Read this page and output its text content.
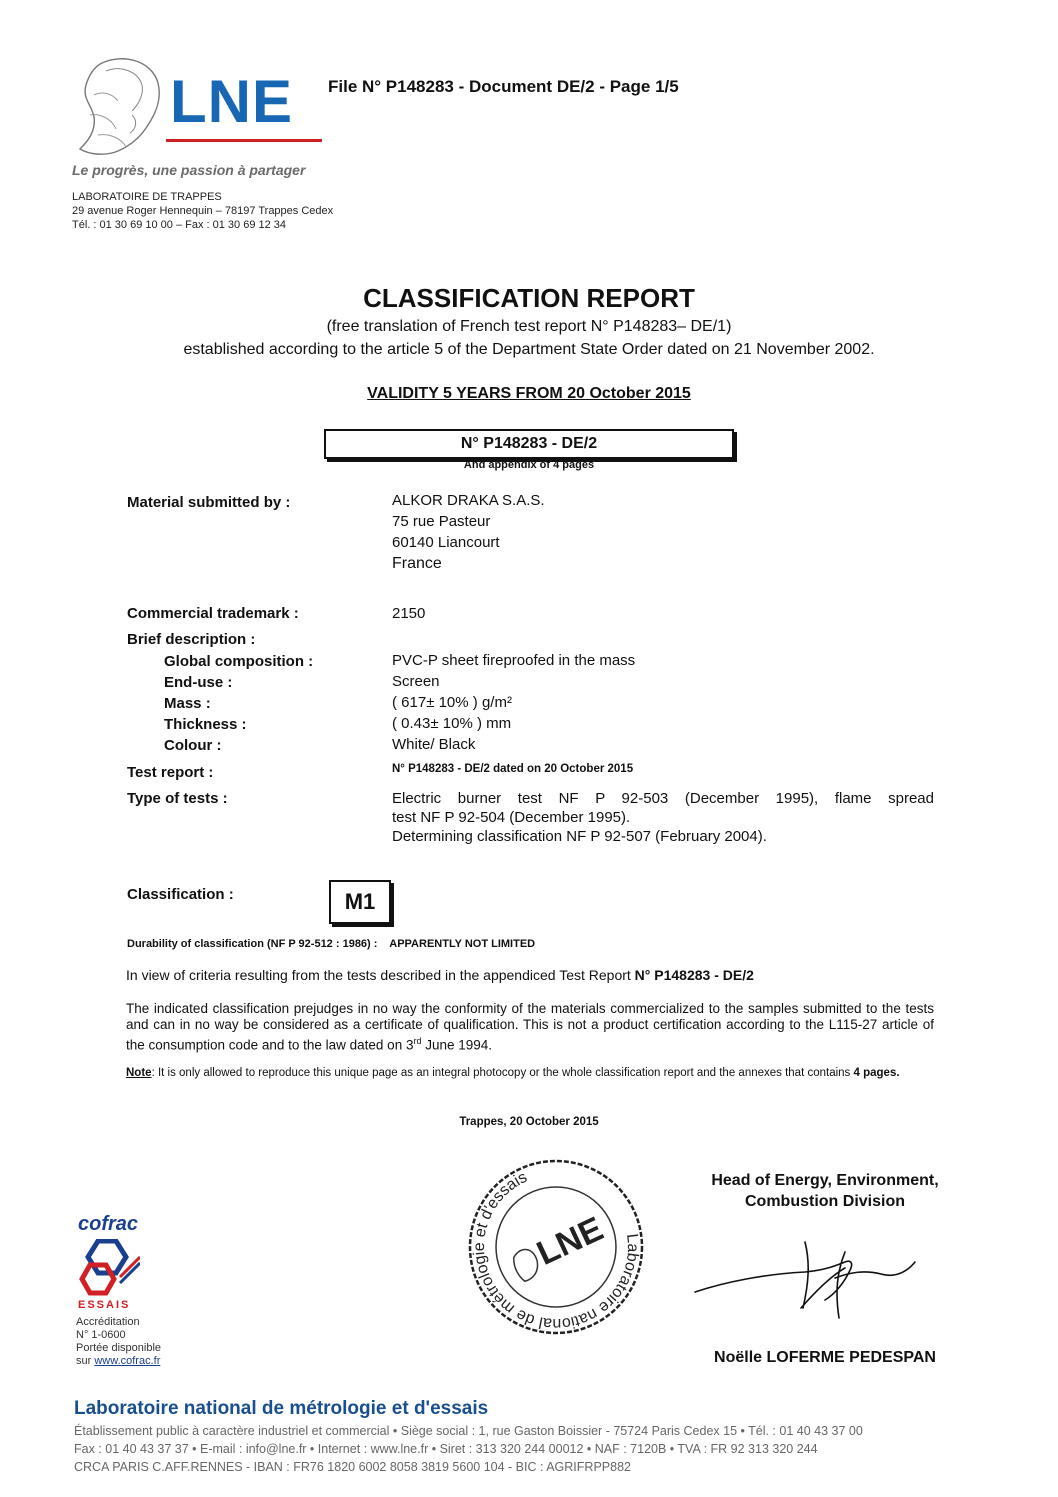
LNE File N° P148283 - Document DE/2 - Page 1/5
Le progrès, une passion à partager
LABORATOIRE DE TRAPPES
29 avenue Roger Hennequin – 78197 Trappes Cedex
Tél. : 01 30 69 10 00 – Fax : 01 30 69 12 34
CLASSIFICATION REPORT
(free translation of French test report N° P148283– DE/1)
established according to the article 5 of the Department State Order dated on 21 November 2002.
VALIDITY 5 YEARS FROM 20 October 2015
N° P148283 - DE/2
And appendix of 4 pages
Material submitted by :	ALKOR DRAKA S.A.S.
75 rue Pasteur
60140 Liancourt
France
Commercial trademark :	2150
Brief description :
Global composition :	PVC-P sheet fireproofed in the mass
End-use :	Screen
Mass :	( 617± 10% ) g/m²
Thickness :	( 0.43± 10% ) mm
Colour :	White/ Black
Test report :	N° P148283 - DE/2 dated on 20 October 2015
Type of tests :	Electric burner test NF P 92-503 (December 1995), flame spread
test NF P 92-504 (December 1995).
Determining classification NF P 92-507 (February 2004).
Classification :	M1
Durability of classification (NF P 92-512 : 1986) :    APPARENTLY NOT LIMITED
In view of criteria resulting from the tests described in the appendiced Test Report N° P148283 - DE/2
The indicated classification prejudges in no way the conformity of the materials commercialized to the samples submitted to the tests and can in no way be considered as a certificate of qualification. This is not a product certification according to the L115-27 article of the consumption code and to the law dated on 3rd June 1994.
Note: It is only allowed to reproduce this unique page as an integral photocopy or the whole classification report and the annexes that contains 4 pages.
Trappes, 20 October 2015
Laboratoire national de métrologie et d'essais
LNE
Head of Energy, Environment,
Combustion Division
Noëlle LOFERME PEDESPAN
cofrac
ESSAIS
Accréditation
N° 1-0600
Portée disponible
sur www.cofrac.fr
Laboratoire national de métrologie et d'essais
Établissement public à caractère industriel et commercial • Siège social : 1, rue Gaston Boissier - 75724 Paris Cedex 15 • Tél. : 01 40 43 37 00
Fax : 01 40 43 37 37 • E-mail : info@lne.fr • Internet : www.lne.fr • Siret : 313 320 244 00012 • NAF : 7120B • TVA : FR 92 313 320 244
CRCA PARIS C.AFF.RENNES - IBAN : FR76 1820 6002 8058 3819 5600 104 - BIC : AGRIFRPP882
